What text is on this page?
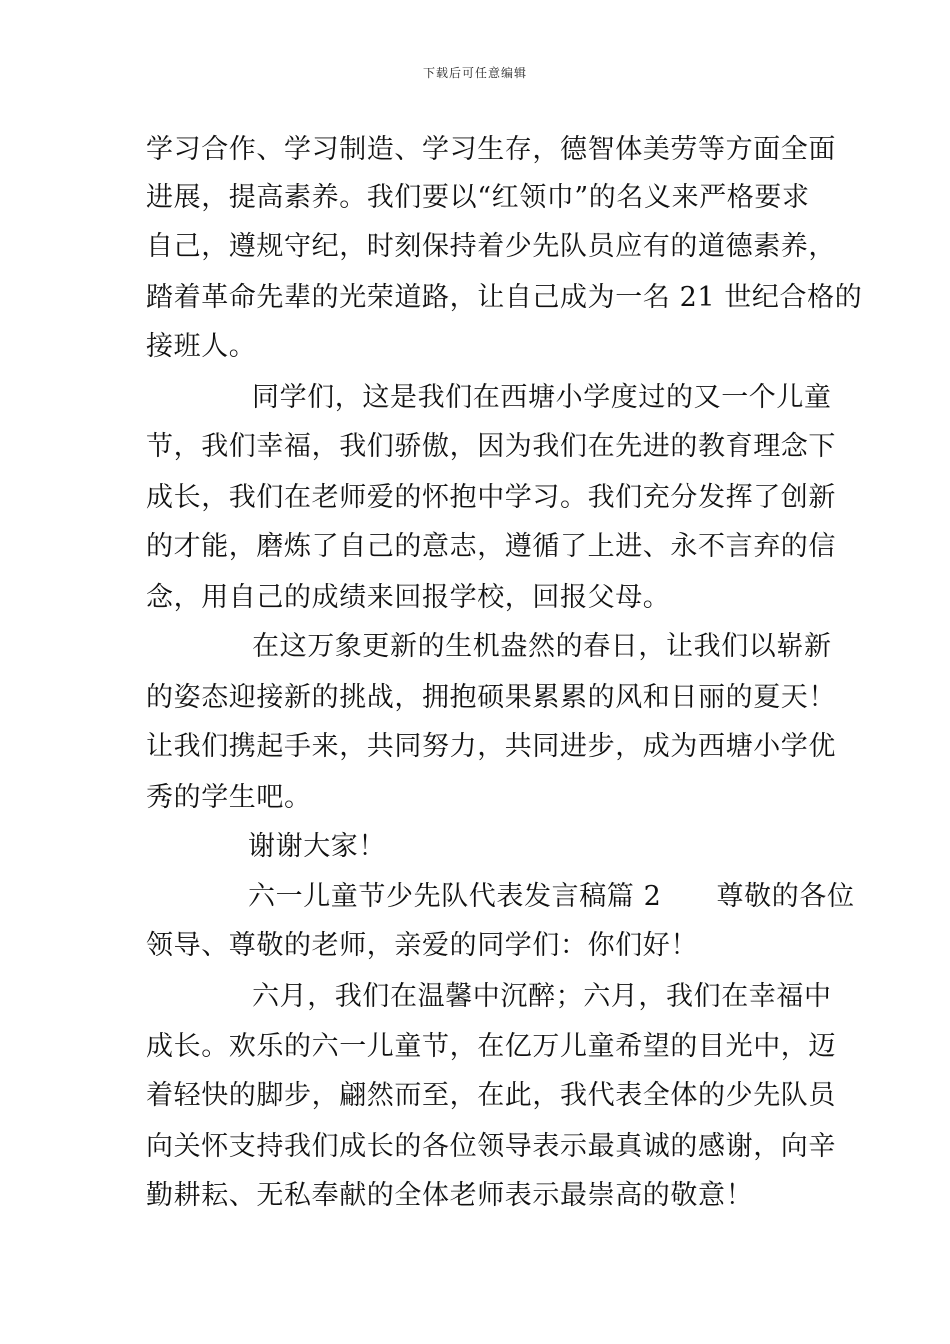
下载后可任意编辑
学习合作、学习制造、学习生存，德智体美劳等方面全面
进展，提高素养。我们要以“红领巾”的名义来严格要求
自己，遵规守纪，时刻保持着少先队员应有的道德素养，
踏着革命先辈的光荣道路，让自己成为一名 21 世纪合格的
接班人。
同学们，这是我们在西塘小学度过的又一个儿童
节，我们幸福，我们骄傲，因为我们在先进的教育理念下
成长，我们在老师爱的怀抱中学习。我们充分发挥了创新
的才能，磨炼了自己的意志，遵循了上进、永不言弃的信
念，用自己的成绩来回报学校，回报父母。
在这万象更新的生机盎然的春日，让我们以崭新
的姿态迎接新的挑战，拥抱硕果累累的风和日丽的夏天！
让我们携起手来，共同努力，共同进步，成为西塘小学优
秀的学生吧。
谢谢大家！
六一儿童节少先队代表发言稿篇 2　　尊敬的各位
领导、尊敬的老师，亲爱的同学们：你们好！
六月，我们在温馨中沉醉；六月，我们在幸福中
成长。欢乐的六一儿童节，在亿万儿童希望的目光中，迈
着轻快的脚步，翩然而至，在此，我代表全体的少先队员
向关怀支持我们成长的各位领导表示最真诚的感谢，向辛
勤耕耘、无私奉献的全体老师表示最崇高的敬意！
